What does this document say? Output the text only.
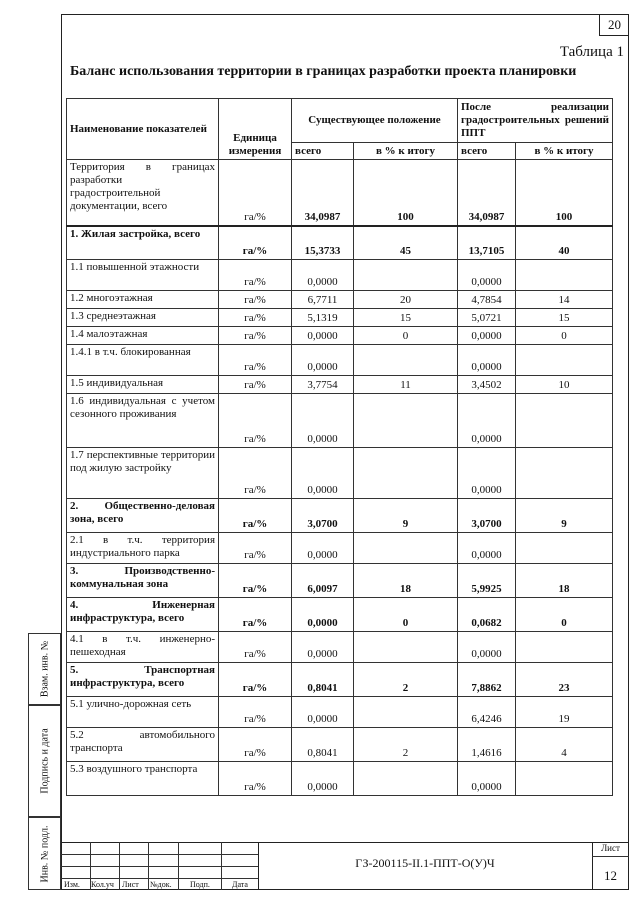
20
Таблица 1
Баланс использования территории в границах разработки проекта планировки
Наименование показателей	Единица измерения	Существующее положение		После реализации градостроительных решений ППТ	
		всего	в % к итогу	всего	в % к итогу
Территория в границах разработки градостроительной документации, всего	га/%	34,0987	100	34,0987	100
1. Жилая застройка, всего	га/%	15,3733	45	13,7105	40
1.1 повышенной этажности	га/%	0,0000		0,0000	
1.2 многоэтажная	га/%	6,7711	20	4,7854	14
1.3 среднеэтажная	га/%	5,1319	15	5,0721	15
1.4 малоэтажная	га/%	0,0000	0	0,0000	0
1.4.1 в т.ч. блокированная	га/%	0,0000		0,0000	
1.5 индивидуальная	га/%	3,7754	11	3,4502	10
1.6 индивидуальная с учетом сезонного проживания	га/%	0,0000		0,0000	
1.7 перспективные территории под жилую застройку	га/%	0,0000		0,0000	
2. Общественно-деловая зона, всего	га/%	3,0700	9	3,0700	9
2.1 в т.ч. территория индустриального парка	га/%	0,0000		0,0000	
3. Производственно-коммунальная зона	га/%	6,0097	18	5,9925	18
4. Инженерная инфраструктура, всего	га/%	0,0000	0	0,0682	0
4.1 в т.ч. инженерно-пешеходная	га/%	0,0000		0,0000	
5. Транспортная инфраструктура, всего	га/%	0,8041	2	7,8862	23
5.1 улично-дорожная сеть	га/%	0,0000		6,4246	19
5.2 автомобильного транспорта	га/%	0,8041	2	1,4616	4
5.3 воздушного транспорта	га/%	0,0000		0,0000	
Взам. инв. №
Подпись и дата
Инв. № подл.
Изм. Кол.уч Лист №док. Подп.	Дата
ГЗ-200115-II.1-ППТ-О(У)Ч
Лист
12
